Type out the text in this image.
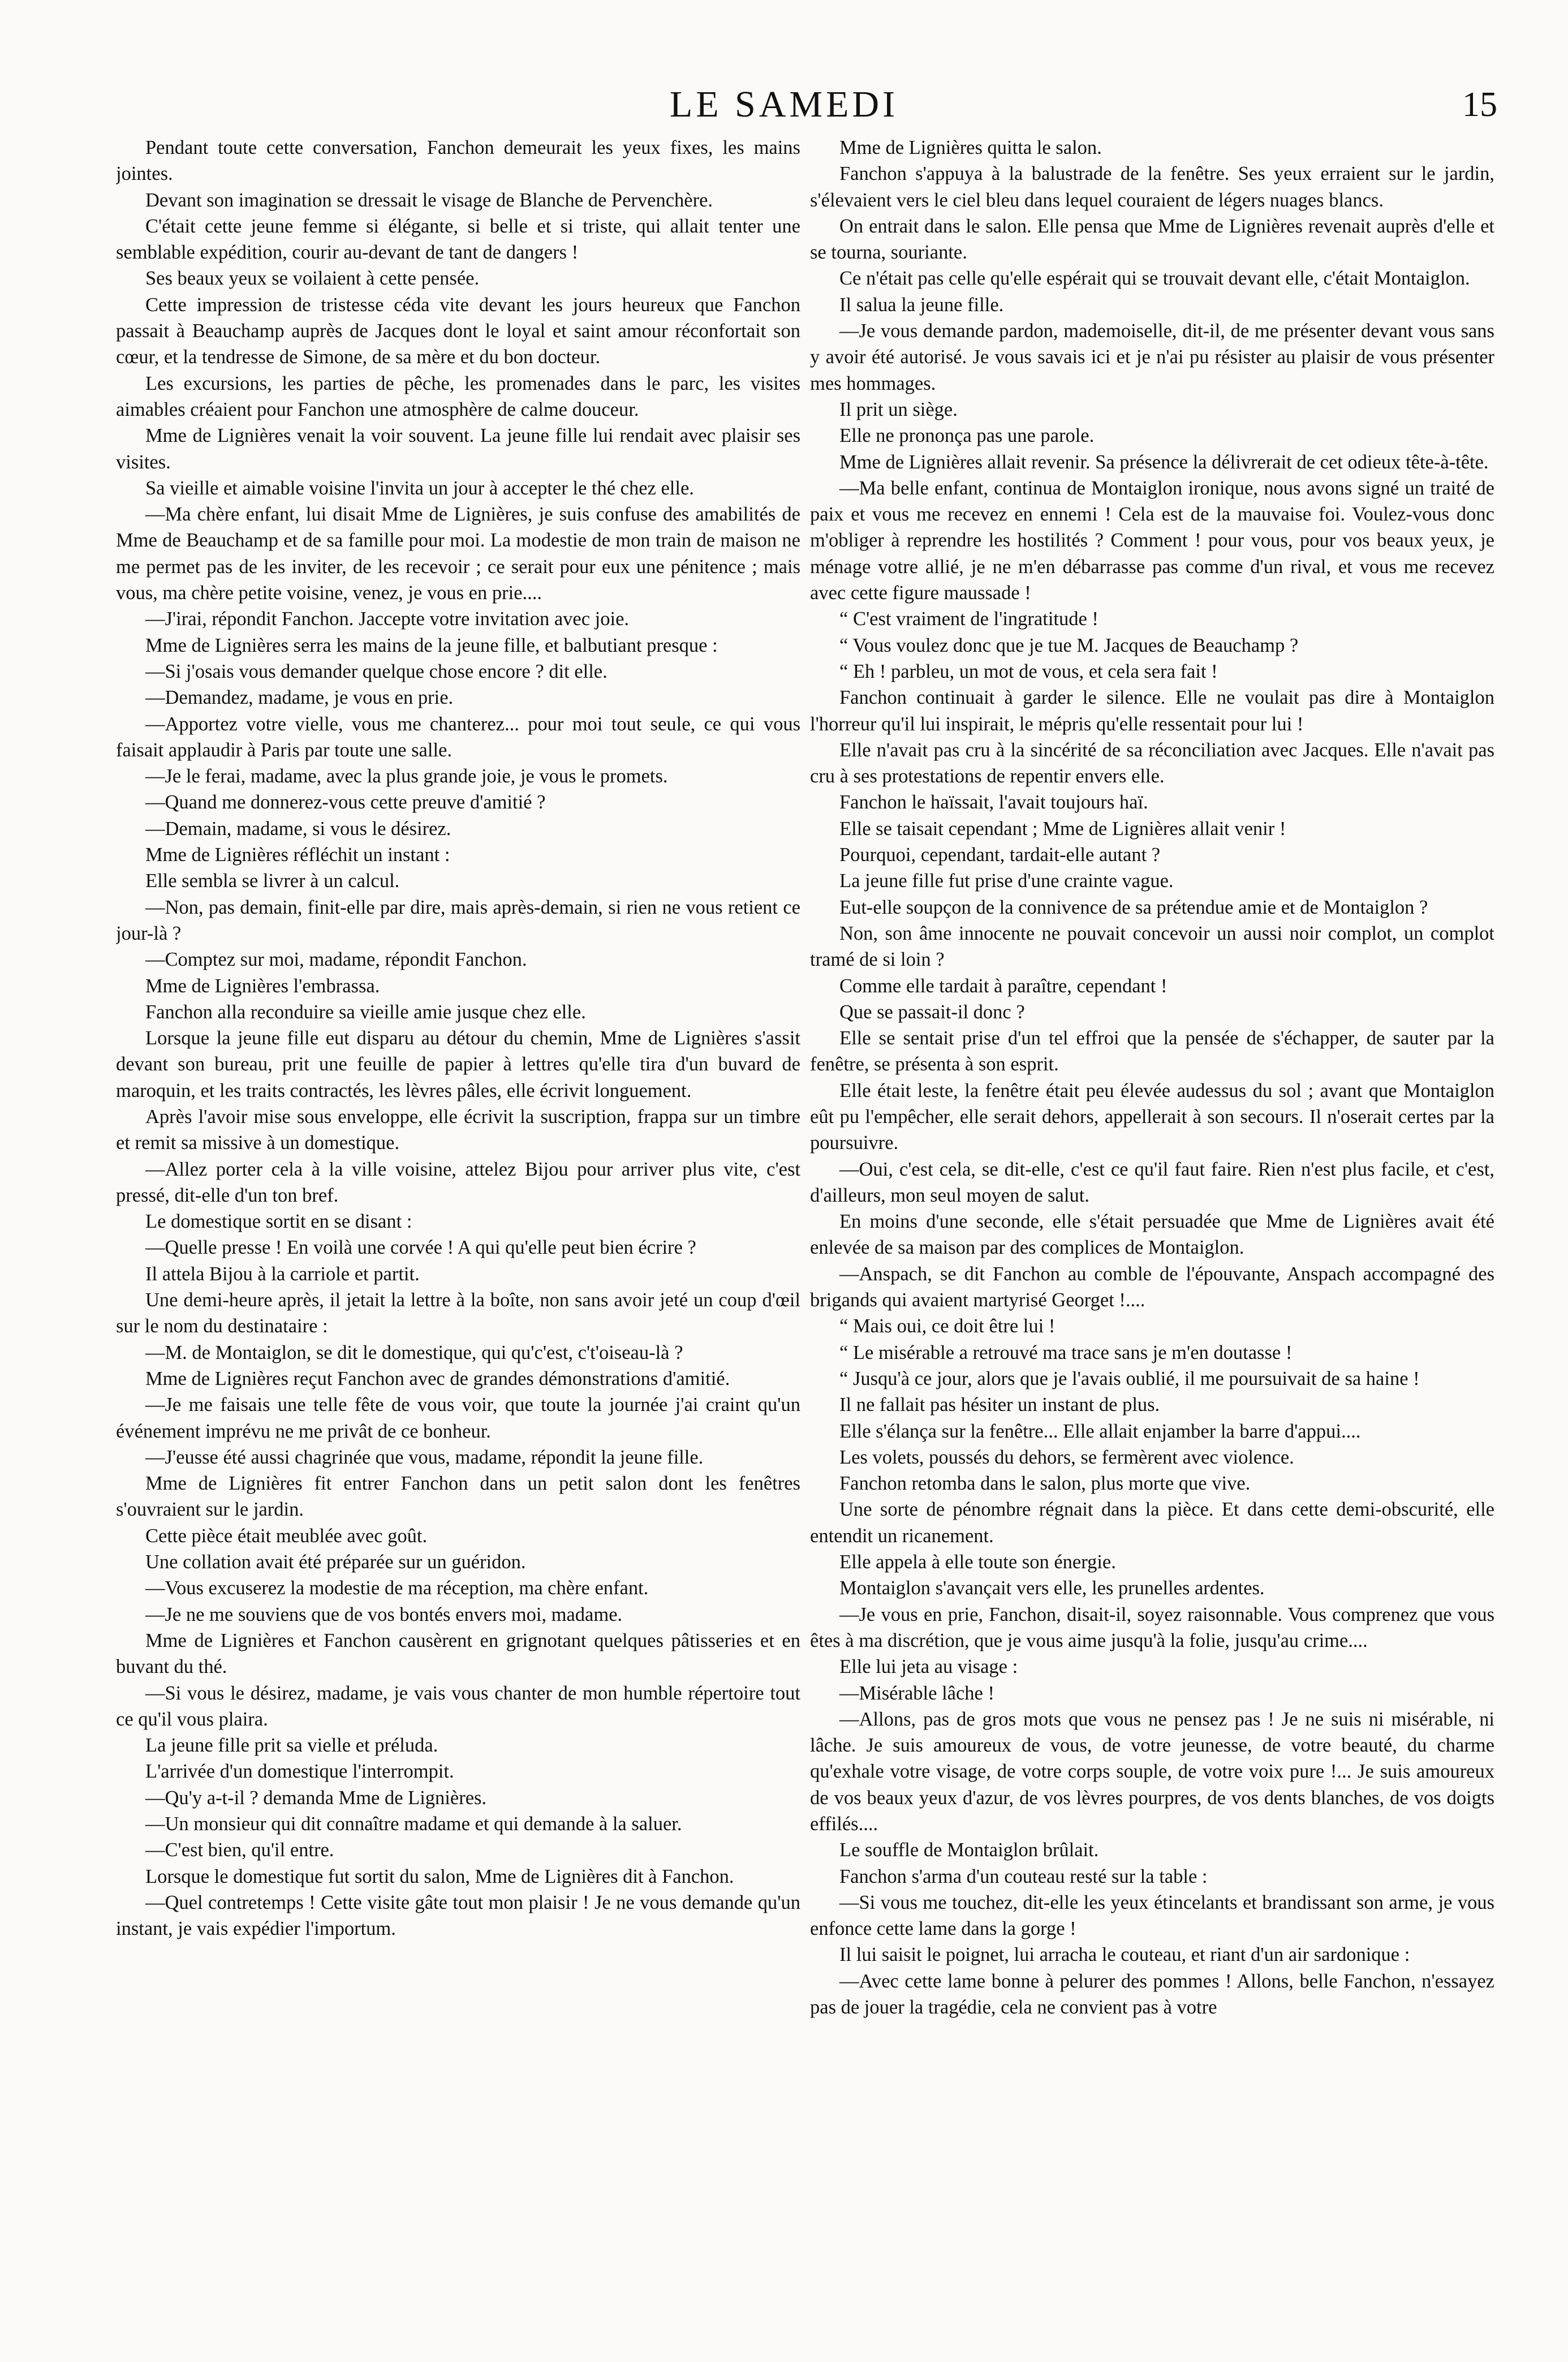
LE SAMEDI	15

Pendant toute cette conversation, Fanchon demeurait les yeux fixes, les mains jointes.

Devant son imagination se dressait le visage de Blanche de Pervenchère.

C'était cette jeune femme si élégante, si belle et si triste, qui allait tenter une semblable expédition, courir au-devant de tant de dangers !

Ses beaux yeux se voilaient à cette pensée.

Cette impression de tristesse céda vite devant les jours heureux que Fanchon passait à Beauchamp auprès de Jacques dont le loyal et saint amour réconfortait son cœur, et la tendresse de Simone, de sa mère et du bon docteur.

Les excursions, les parties de pêche, les promenades dans le parc, les visites aimables créaient pour Fanchon une atmosphère de calme douceur.

Mme de Lignières venait la voir souvent. La jeune fille lui rendait avec plaisir ses visites.

Sa vieille et aimable voisine l'invita un jour à accepter le thé chez elle.

—Ma chère enfant, lui disait Mme de Lignières, je suis confuse des amabilités de Mme de Beauchamp et de sa famille pour moi. La modestie de mon train de maison ne me permet pas de les inviter, de les recevoir ; ce serait pour eux une pénitence ; mais vous, ma chère petite voisine, venez, je vous en prie....

—J'irai, répondit Fanchon. Jaccepte votre invitation avec joie.

Mme de Lignières serra les mains de la jeune fille, et balbutiant presque :

—Si j'osais vous demander quelque chose encore ? dit elle.

—Demandez, madame, je vous en prie.

—Apportez votre vielle, vous me chanterez... pour moi tout seule, ce qui vous faisait applaudir à Paris par toute une salle.

—Je le ferai, madame, avec la plus grande joie, je vous le promets.

—Quand me donnerez-vous cette preuve d'amitié ?

—Demain, madame, si vous le désirez.

Mme de Lignières réfléchit un instant :

Elle sembla se livrer à un calcul.

—Non, pas demain, finit-elle par dire, mais après-demain, si rien ne vous retient ce jour-là ?

—Comptez sur moi, madame, répondit Fanchon.

Mme de Lignières l'embrassa.

Fanchon alla reconduire sa vieille amie jusque chez elle.

Lorsque la jeune fille eut disparu au détour du chemin, Mme de Lignières s'assit devant son bureau, prit une feuille de papier à lettres qu'elle tira d'un buvard de maroquin, et les traits contractés, les lèvres pâles, elle écrivit longuement.

Après l'avoir mise sous enveloppe, elle écrivit la suscription, frappa sur un timbre et remit sa missive à un domestique.

—Allez porter cela à la ville voisine, attelez Bijou pour arriver plus vite, c'est pressé, dit-elle d'un ton bref.

Le domestique sortit en se disant :

—Quelle presse ! En voilà une corvée ! A qui qu'elle peut bien écrire ?

Il attela Bijou à la carriole et partit.

Une demi-heure après, il jetait la lettre à la boîte, non sans avoir jeté un coup d'œil sur le nom du destinataire :

—M. de Montaiglon, se dit le domestique, qui qu'c'est, c't'oiseau-là ?

Mme de Lignières reçut Fanchon avec de grandes démonstrations d'amitié.

—Je me faisais une telle fête de vous voir, que toute la journée j'ai craint qu'un événement imprévu ne me privât de ce bonheur.

—J'eusse été aussi chagrinée que vous, madame, répondit la jeune fille.

Mme de Lignières fit entrer Fanchon dans un petit salon dont les fenêtres s'ouvraient sur le jardin.

Cette pièce était meublée avec goût.

Une collation avait été préparée sur un guéridon.

—Vous excuserez la modestie de ma réception, ma chère enfant.

—Je ne me souviens que de vos bontés envers moi, madame.

Mme de Lignières et Fanchon causèrent en grignotant quelques pâtisseries et en buvant du thé.

—Si vous le désirez, madame, je vais vous chanter de mon humble répertoire tout ce qu'il vous plaira.

La jeune fille prit sa vielle et préluda.

L'arrivée d'un domestique l'interrompit.

—Qu'y a-t-il ? demanda Mme de Lignières.

—Un monsieur qui dit connaître madame et qui demande à la saluer.

—C'est bien, qu'il entre.

Lorsque le domestique fut sortit du salon, Mme de Lignières dit à Fanchon.

—Quel contretemps ! Cette visite gâte tout mon plaisir ! Je ne vous demande qu'un instant, je vais expédier l'importum.

Mme de Lignières quitta le salon.

Fanchon s'appuya à la balustrade de la fenêtre. Ses yeux erraient sur le jardin, s'élevaient vers le ciel bleu dans lequel couraient de légers nuages blancs.

On entrait dans le salon. Elle pensa que Mme de Lignières revenait auprès d'elle et se tourna, souriante.

Ce n'était pas celle qu'elle espérait qui se trouvait devant elle, c'était Montaiglon.

Il salua la jeune fille.

—Je vous demande pardon, mademoiselle, dit-il, de me présenter devant vous sans y avoir été autorisé. Je vous savais ici et je n'ai pu résister au plaisir de vous présenter mes hommages.

Il prit un siège.

Elle ne prononça pas une parole.

Mme de Lignières allait revenir. Sa présence la délivrerait de cet odieux tête-à-tête.

—Ma belle enfant, continua de Montaiglon ironique, nous avons signé un traité de paix et vous me recevez en ennemi ! Cela est de la mauvaise foi. Voulez-vous donc m'obliger à reprendre les hostilités ? Comment ! pour vous, pour vos beaux yeux, je ménage votre allié, je ne m'en débarrasse pas comme d'un rival, et vous me recevez avec cette figure maussade !

“ C'est vraiment de l'ingratitude !

“ Vous voulez donc que je tue M. Jacques de Beauchamp ?

“ Eh ! parbleu, un mot de vous, et cela sera fait !

Fanchon continuait à garder le silence. Elle ne voulait pas dire à Montaiglon l'horreur qu'il lui inspirait, le mépris qu'elle ressentait pour lui !

Elle n'avait pas cru à la sincérité de sa réconciliation avec Jacques. Elle n'avait pas cru à ses protestations de repentir envers elle.

Fanchon le haïssait, l'avait toujours haï.

Elle se taisait cependant ; Mme de Lignières allait venir !

Pourquoi, cependant, tardait-elle autant ?

La jeune fille fut prise d'une crainte vague.

Eut-elle soupçon de la connivence de sa prétendue amie et de Montaiglon ?

Non, son âme innocente ne pouvait concevoir un aussi noir complot, un complot tramé de si loin ?

Comme elle tardait à paraître, cependant !

Que se passait-il donc ?

Elle se sentait prise d'un tel effroi que la pensée de s'échapper, de sauter par la fenêtre, se présenta à son esprit.

Elle était leste, la fenêtre était peu élevée audessus du sol ; avant que Montaiglon eût pu l'empêcher, elle serait dehors, appellerait à son secours. Il n'oserait certes par la poursuivre.

—Oui, c'est cela, se dit-elle, c'est ce qu'il faut faire. Rien n'est plus facile, et c'est, d'ailleurs, mon seul moyen de salut.

En moins d'une seconde, elle s'était persuadée que Mme de Lignières avait été enlevée de sa maison par des complices de Montaiglon.

—Anspach, se dit Fanchon au comble de l'épouvante, Anspach accompagné des brigands qui avaient martyrisé Georget !....

“ Mais oui, ce doit être lui !

“ Le misérable a retrouvé ma trace sans je m'en doutasse !

“ Jusqu'à ce jour, alors que je l'avais oublié, il me poursuivait de sa haine !

Il ne fallait pas hésiter un instant de plus.

Elle s'élança sur la fenêtre... Elle allait enjamber la barre d'appui....

Les volets, poussés du dehors, se fermèrent avec violence.

Fanchon retomba dans le salon, plus morte que vive.

Une sorte de pénombre régnait dans la pièce. Et dans cette demi-obscurité, elle entendit un ricanement.

Elle appela à elle toute son énergie.

Montaiglon s'avançait vers elle, les prunelles ardentes.

—Je vous en prie, Fanchon, disait-il, soyez raisonnable. Vous comprenez que vous êtes à ma discrétion, que je vous aime jusqu'à la folie, jusqu'au crime....

Elle lui jeta au visage :

—Misérable lâche !

—Allons, pas de gros mots que vous ne pensez pas ! Je ne suis ni misérable, ni lâche. Je suis amoureux de vous, de votre jeunesse, de votre beauté, du charme qu'exhale votre visage, de votre corps souple, de votre voix pure !... Je suis amoureux de vos beaux yeux d'azur, de vos lèvres pourpres, de vos dents blanches, de vos doigts effilés....

Le souffle de Montaiglon brûlait.

Fanchon s'arma d'un couteau resté sur la table :

—Si vous me touchez, dit-elle les yeux étincelants et brandissant son arme, je vous enfonce cette lame dans la gorge !

Il lui saisit le poignet, lui arracha le couteau, et riant d'un air sardonique :

—Avec cette lame bonne à pelurer des pommes ! Allons, belle Fanchon, n'essayez pas de jouer la tragédie, cela ne convient pas à votre
